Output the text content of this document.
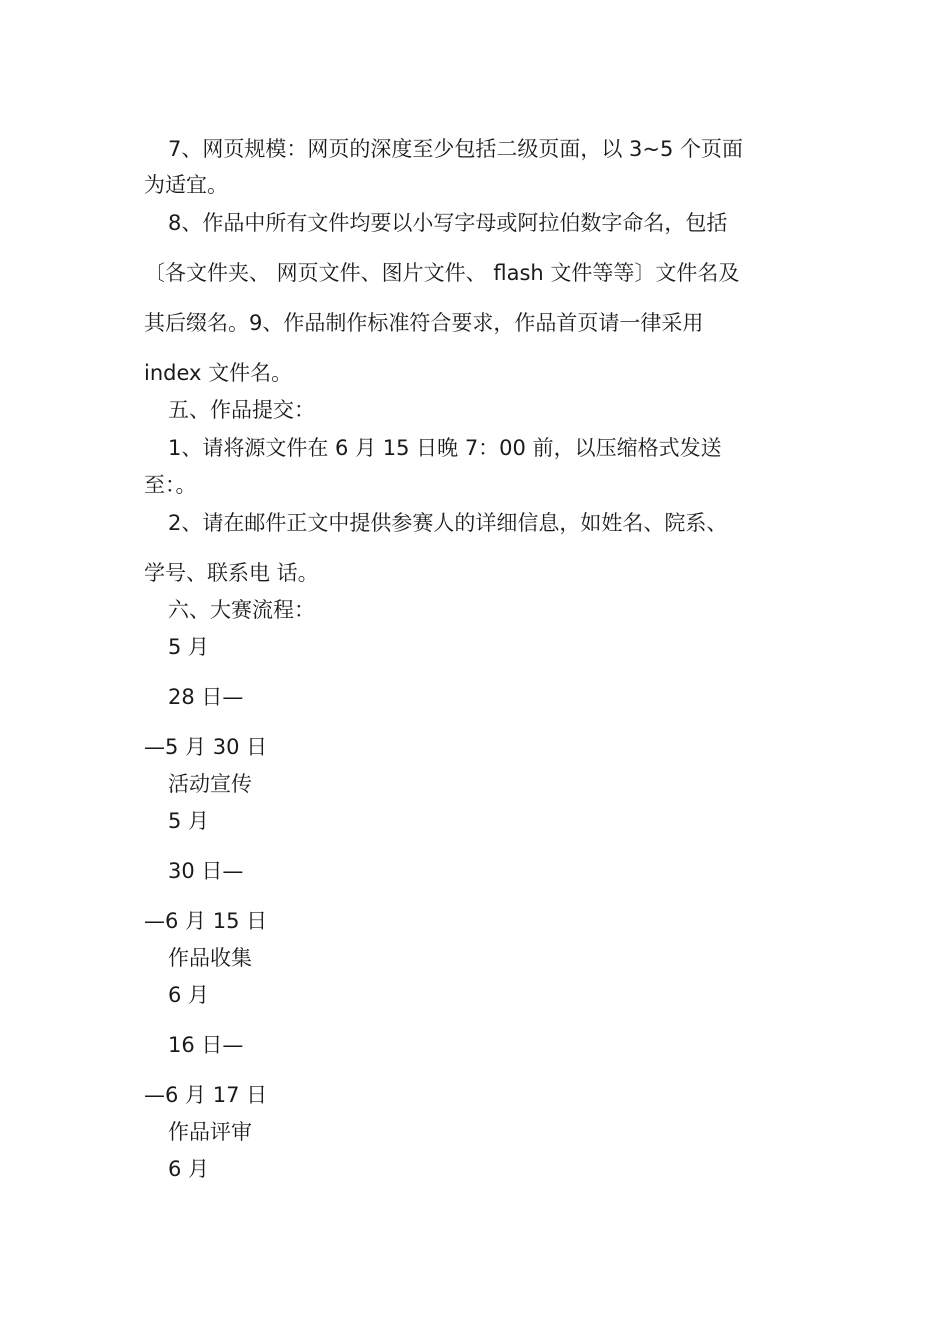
7、网页规模：网页的深度至少包括二级页面，以 3~5 个页面
为适宜。
8、作品中所有文件均要以小写字母或阿拉伯数字命名，包括
〔各文件夹、 网页文件、图片文件、 flash 文件等等〕文件名及
其后缀名。9、作品制作标准符合要求，作品首页请一律采用
index 文件名。
五、作品提交：
1、请将源文件在 6 月 15 日晚 7：00 前，以压缩格式发送
至：。
2、请在邮件正文中提供参赛人的详细信息，如姓名、院系、
学号、联系电 话。
六、大赛流程：
5 月
28 日—
—5 月 30 日
活动宣传
5 月
30 日—
—6 月 15 日
作品收集
6 月
16 日—
—6 月 17 日
作品评审
6 月
